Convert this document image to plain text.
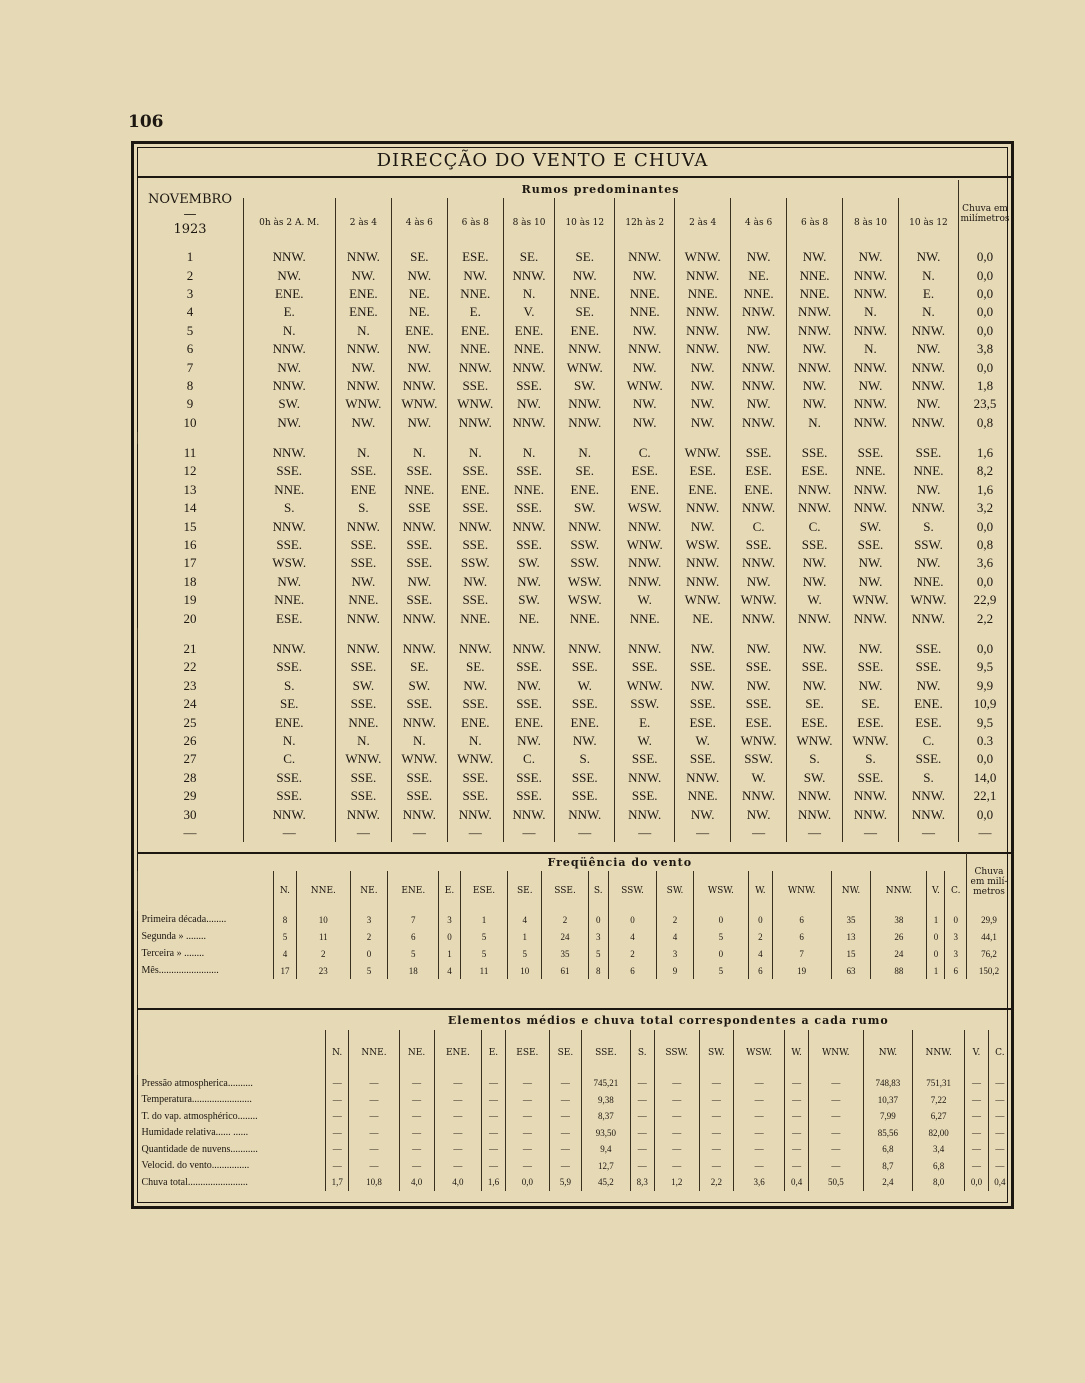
106
DIRECÇÃO DO VENTO E CHUVA
NOVEMBRO
—
1923	Rumos predominantes												Chuva em milímetros
	0h às 2 A. M.	2 às 4	4 às 6	6 às 8	8 às 10	10 às 12	12h às 2	2 às 4	4 às 6	6 às 8	8 às 10	10 às 12	
1	NNW.	NNW.	SE.	ESE.	SE.	SE.	NNW.	WNW.	NW.	NW.	NW.	NW.	0,0
2	NW.	NW.	NW.	NW.	NNW.	NW.	NW.	NNW.	NE.	NNE.	NNW.	N.	0,0
3	ENE.	ENE.	NE.	NNE.	N.	NNE.	NNE.	NNE.	NNE.	NNE.	NNW.	E.	0,0
4	E.	ENE.	NE.	E.	V.	SE.	NNE.	NNW.	NNW.	NNW.	N.	N.	0,0
5	N.	N.	ENE.	ENE.	ENE.	ENE.	NW.	NNW.	NW.	NNW.	NNW.	NNW.	0,0
6	NNW.	NNW.	NW.	NNE.	NNE.	NNW.	NNW.	NNW.	NW.	NW.	N.	NW.	3,8
7	NW.	NW.	NW.	NNW.	NNW.	WNW.	NW.	NW.	NNW.	NNW.	NNW.	NNW.	0,0
8	NNW.	NNW.	NNW.	SSE.	SSE.	SW.	WNW.	NW.	NNW.	NW.	NW.	NNW.	1,8
9	SW.	WNW.	WNW.	WNW.	NW.	NNW.	NW.	NW.	NW.	NW.	NNW.	NW.	23,5
10	NW.	NW.	NW.	NNW.	NNW.	NNW.	NW.	NW.	NNW.	N.	NNW.	NNW.	0,8

11	NNW.	N.	N.	N.	N.	N.	C.	WNW.	SSE.	SSE.	SSE.	SSE.	1,6
12	SSE.	SSE.	SSE.	SSE.	SSE.	SE.	ESE.	ESE.	ESE.	ESE.	NNE.	NNE.	8,2
13	NNE.	ENE	NNE.	ENE.	NNE.	ENE.	ENE.	ENE.	ENE.	NNW.	NNW.	NW.	1,6
14	S.	S.	SSE	SSE.	SSE.	SW.	WSW.	NNW.	NNW.	NNW.	NNW.	NNW.	3,2
15	NNW.	NNW.	NNW.	NNW.	NNW.	NNW.	NNW.	NW.	C.	C.	SW.	S.	0,0
16	SSE.	SSE.	SSE.	SSE.	SSE.	SSW.	WNW.	WSW.	SSE.	SSE.	SSE.	SSW.	0,8
17	WSW.	SSE.	SSE.	SSW.	SW.	SSW.	NNW.	NNW.	NNW.	NW.	NW.	NW.	3,6
18	NW.	NW.	NW.	NW.	NW.	WSW.	NNW.	NNW.	NW.	NW.	NW.	NNE.	0,0
19	NNE.	NNE.	SSE.	SSE.	SW.	WSW.	W.	WNW.	WNW.	W.	WNW.	WNW.	22,9
20	ESE.	NNW.	NNW.	NNE.	NE.	NNE.	NNE.	NE.	NNW.	NNW.	NNW.	NNW.	2,2

21	NNW.	NNW.	NNW.	NNW.	NNW.	NNW.	NNW.	NW.	NW.	NW.	NW.	SSE.	0,0
22	SSE.	SSE.	SE.	SE.	SSE.	SSE.	SSE.	SSE.	SSE.	SSE.	SSE.	SSE.	9,5
23	S.	SW.	SW.	NW.	NW.	W.	WNW.	NW.	NW.	NW.	NW.	NW.	9,9
24	SE.	SSE.	SSE.	SSE.	SSE.	SSE.	SSW.	SSE.	SSE.	SE.	SE.	ENE.	10,9
25	ENE.	NNE.	NNW.	ENE.	ENE.	ENE.	E.	ESE.	ESE.	ESE.	ESE.	ESE.	9,5
26	N.	N.	N.	N.	NW.	NW.	W.	W.	WNW.	WNW.	WNW.	C.	0.3
27	C.	WNW.	WNW.	WNW.	C.	S.	SSE.	SSE.	SSW.	S.	S.	SSE.	0,0
28	SSE.	SSE.	SSE.	SSE.	SSE.	SSE.	NNW.	NNW.	W.	SW.	SSE.	S.	14,0
29	SSE.	SSE.	SSE.	SSE.	SSE.	SSE.	SSE.	NNE.	NNW.	NNW.	NNW.	NNW.	22,1
30	NNW.	NNW.	NNW.	NNW.	NNW.	NNW.	NNW.	NW.	NW.	NNW.	NNW.	NNW.	0,0
—	—	—	—	—	—	—	—	—	—	—	—	—	—
	Freqüência do vento																		Chuva em milí- metros
	N.	NNE.	NE.	ENE.	E.	ESE.	SE.	SSE.	S.	SSW.	SW.	WSW.	W.	WNW.	NW.	NNW.	V.	C.	
Primeira década........	8	10	3	7	3	1	4	2	0	0	2	0	0	6	35	38	1	0	29,9
Segunda » ........	5	11	2	6	0	5	1	24	3	4	4	5	2	6	13	26	0	3	44,1
Terceira » ........	4	2	0	5	1	5	5	35	5	2	3	0	4	7	15	24	0	3	76,2
Mês........................	17	23	5	18	4	11	10	61	8	6	9	5	6	19	63	88	1	6	150,2
	Elementos médios e chuva total correspondentes a cada rumo																	
	N.	NNE.	NE.	ENE.	E.	ESE.	SE.	SSE.	S.	SSW.	SW.	WSW.	W.	WNW.	NW.	NNW.	V.	C.
Pressão atmospherica..........	—	—	—	—	—	—	—	745,21	—	—	—	—	—	—	748,83	751,31	—	—
Temperatura........................	—	—	—	—	—	—	—	9,38	—	—	—	—	—	—	10,37	7,22	—	—
T. do vap. atmosphérico........	—	—	—	—	—	—	—	8,37	—	—	—	—	—	—	7,99	6,27	—	—
Humidade relativa...... ......	—	—	—	—	—	—	—	93,50	—	—	—	—	—	—	85,56	82,00	—	—
Quantidade de nuvens...........	—	—	—	—	—	—	—	9,4	—	—	—	—	—	—	6,8	3,4	—	—
Velocid. do vento...............	—	—	—	—	—	—	—	12,7	—	—	—	—	—	—	8,7	6,8	—	—
Chuva total........................	1,7	10,8	4,0	4,0	1,6	0,0	5,9	45,2	8,3	1,2	2,2	3,6	0,4	50,5	2,4	8,0	0,0	0,4
